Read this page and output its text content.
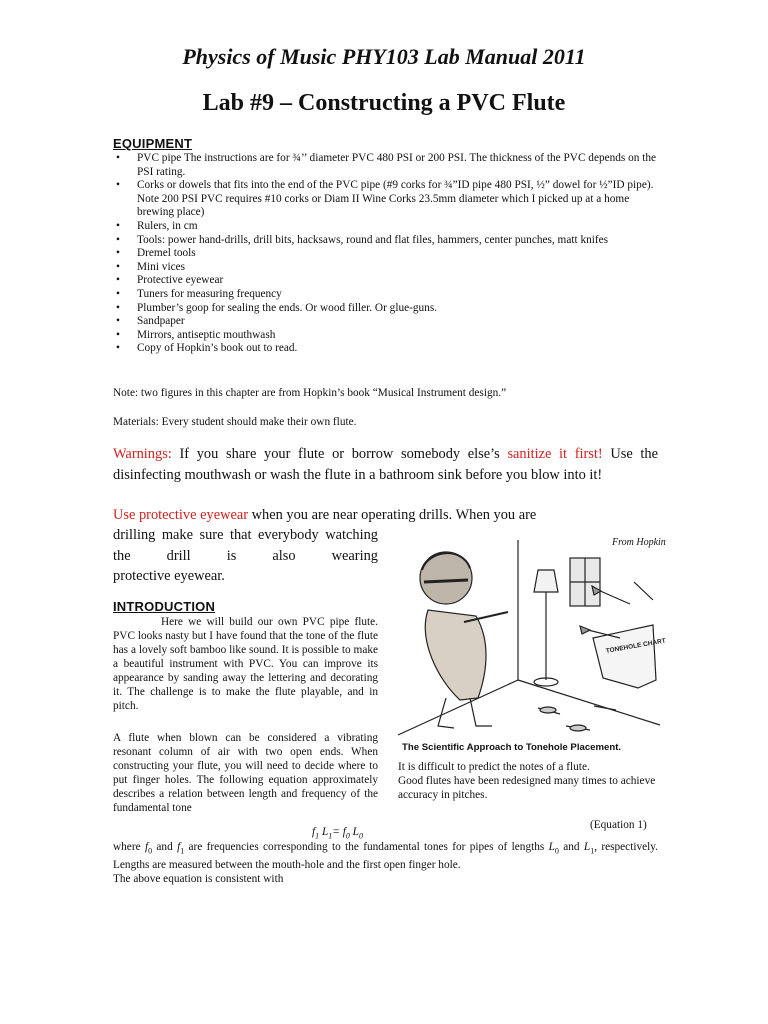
Physics of Music PHY103 Lab Manual 2011
Lab #9 – Constructing a PVC Flute
EQUIPMENT
• PVC pipe The instructions are for ¾’’ diameter PVC 480 PSI or 200 PSI. The thickness of the PVC depends on the PSI rating.
• Corks or dowels that fits into the end of the PVC pipe (#9 corks for ¾”ID pipe 480 PSI, ½” dowel for ½”ID pipe). Note 200 PSI PVC requires #10 corks or Diam II Wine Corks 23.5mm diameter which I picked up at a home brewing place)
• Rulers, in cm
• Tools: power hand-drills, drill bits, hacksaws, round and flat files, hammers, center punches, matt knifes
• Dremel tools
• Mini vices
• Protective eyewear
• Tuners for measuring frequency
• Plumber’s goop for sealing the ends. Or wood filler. Or glue-guns.
• Sandpaper
• Mirrors, antiseptic mouthwash
• Copy of Hopkin’s book out to read.
Note: two figures in this chapter are from Hopkin’s book “Musical Instrument design.”
Materials: Every student should make their own flute.
Warnings: If you share your flute or borrow somebody else’s sanitize it first! Use the disinfecting mouthwash or wash the flute in a bathroom sink before you blow into it!
Use protective eyewear when you are near operating drills. When you are
drilling make sure that everybody watching the drill is also wearing
protective eyewear.
INTRODUCTION
Here we will build our own PVC pipe flute. PVC looks nasty but I have found that the tone of the flute has a lovely soft bamboo like sound. It is possible to make a beautiful instrument with PVC. You can improve its appearance by sanding away the lettering and decorating it. The challenge is to make the flute playable, and in pitch.
A flute when blown can be considered a vibrating resonant column of air with two open ends. When constructing your flute, you will need to decide where to put finger holes. The following equation approximately describes a relation between length and frequency of the fundamental tone
TONEHOLE CHART
From Hopkin
The Scientific Approach to Tonehole Placement.
It is difficult to predict the notes of a flute.
Good flutes have been redesigned many times to achieve accuracy in pitches.
$f_1$ $L_1= f_0$ $L_0$
(Equation 1)
where $f_0$ and $f_1$ are frequencies corresponding to the fundamental tones for pipes of lengths $L_0$ and $L_1$, respectively. Lengths are measured between the mouth-hole and the first open finger hole.
The above equation is consistent with
